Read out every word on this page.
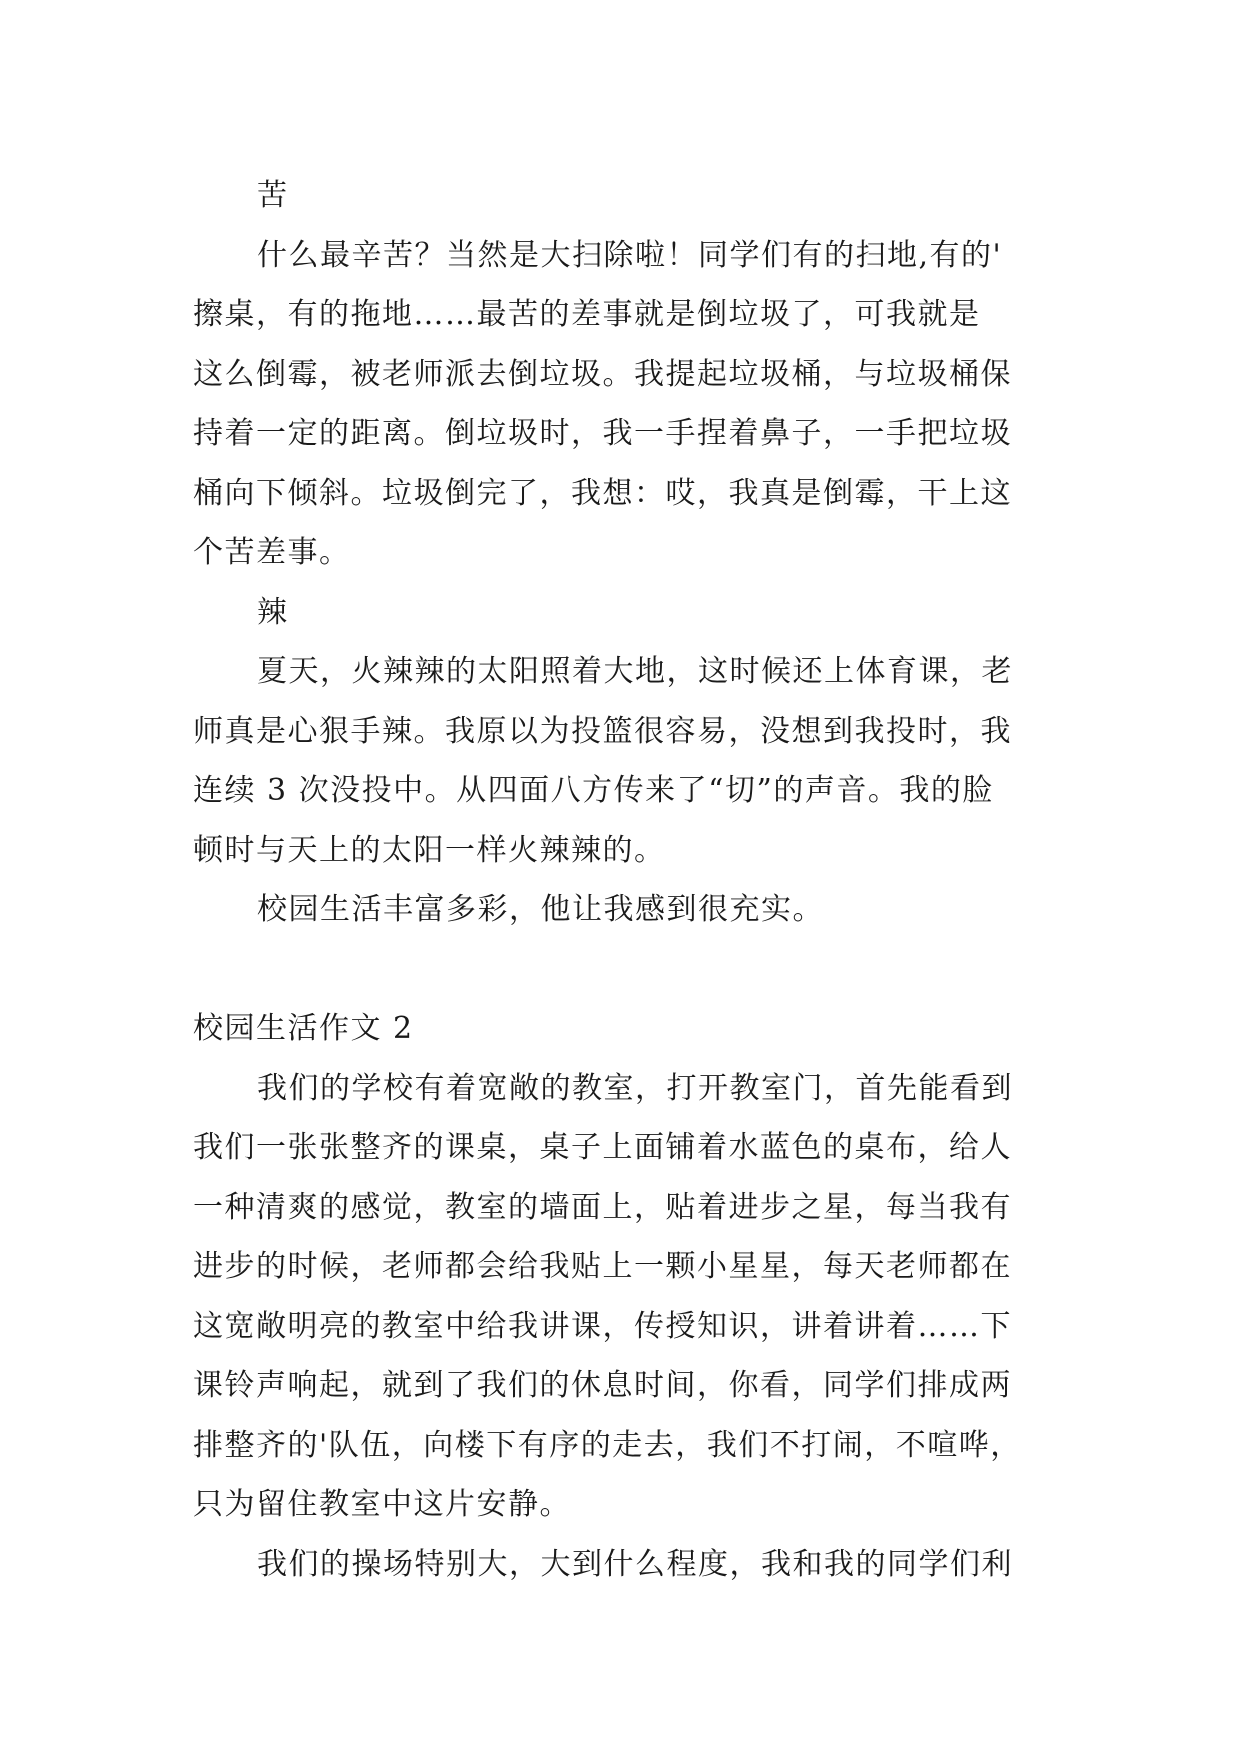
苦
什么最辛苦？当然是大扫除啦！同学们有的扫地,有的'
擦桌，有的拖地……最苦的差事就是倒垃圾了，可我就是
这么倒霉，被老师派去倒垃圾。我提起垃圾桶，与垃圾桶保
持着一定的距离。倒垃圾时，我一手捏着鼻子，一手把垃圾
桶向下倾斜。垃圾倒完了，我想：哎，我真是倒霉，干上这
个苦差事。
辣
夏天，火辣辣的太阳照着大地，这时候还上体育课，老
师真是心狠手辣。我原以为投篮很容易，没想到我投时，我
连续 3 次没投中。从四面八方传来了“切”的声音。我的脸
顿时与天上的太阳一样火辣辣的。
校园生活丰富多彩，他让我感到很充实。
校园生活作文 2
我们的学校有着宽敞的教室，打开教室门，首先能看到
我们一张张整齐的课桌，桌子上面铺着水蓝色的桌布，给人
一种清爽的感觉，教室的墙面上，贴着进步之星，每当我有
进步的时候，老师都会给我贴上一颗小星星，每天老师都在
这宽敞明亮的教室中给我讲课，传授知识，讲着讲着……下
课铃声响起，就到了我们的休息时间，你看，同学们排成两
排整齐的'队伍，向楼下有序的走去，我们不打闹，不喧哗，
只为留住教室中这片安静。
我们的操场特别大，大到什么程度，我和我的同学们利
